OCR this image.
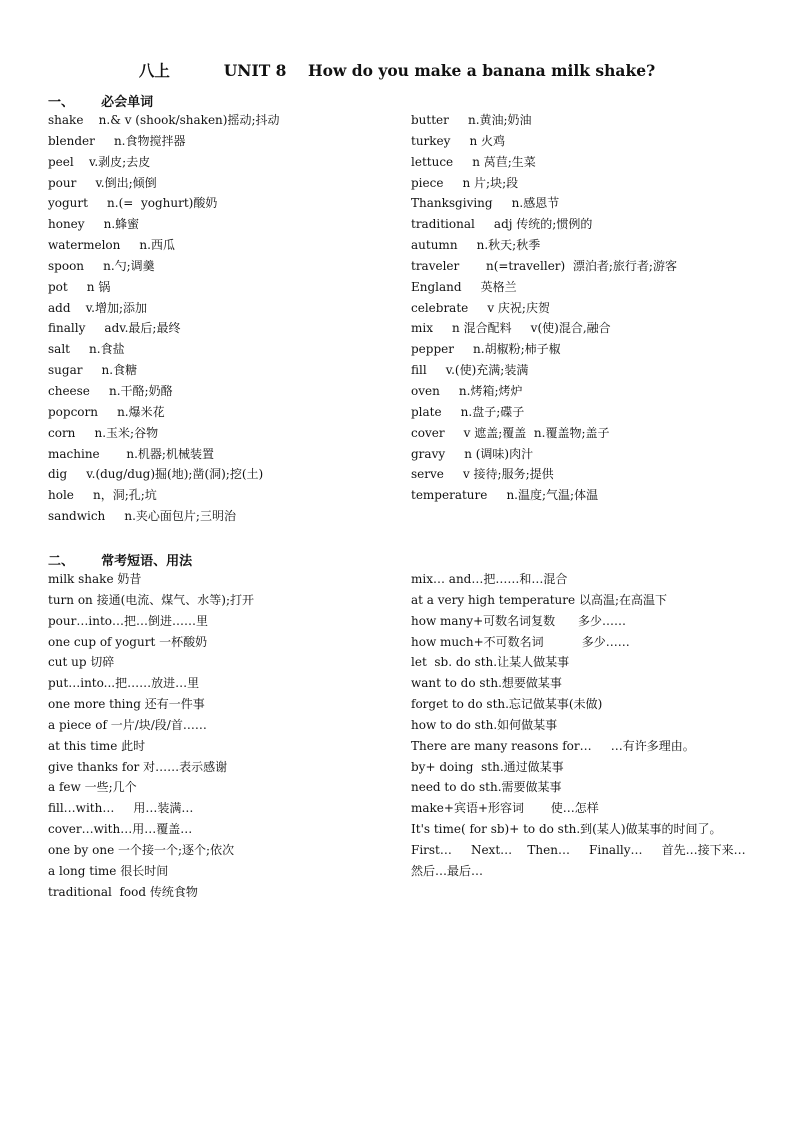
八上          UNIT 8    How do you make a banana milk shake?
一、      必会单词
shake    n.& v (shook/shaken)摇动;抖动
blender     n.食物搅拌器
peel    v.剥皮;去皮
pour     v.倒出;倾倒
yogurt     n.(=  yoghurt)酸奶
honey     n.蜂蜜
watermelon     n.西瓜
spoon     n.勺;调羹
pot     n 锅
add    v.增加;添加
finally     adv.最后;最终
salt     n.食盐
sugar     n.食糖
cheese     n.干酪;奶酪
popcorn     n.爆米花
corn     n.玉米;谷物
machine       n.机器;机械装置
dig     v.(dug/dug)掘(地);凿(洞);挖(土)
hole     n，洞;孔;坑
sandwich     n.夹心面包片;三明治
butter     n.黄油;奶油
turkey     n 火鸡
lettuce     n 莴苣;生菜
piece     n 片;块;段
Thanksgiving     n.感恩节
traditional     adj 传统的;惯例的
autumn     n.秋天;秋季
traveler       n(=traveller)  漂泊者;旅行者;游客
England     英格兰
celebrate     v 庆祝;庆贺
mix     n 混合配料     v(使)混合,融合
pepper     n.胡椒粉;柿子椒
fill     v.(使)充满;装满
oven     n.烤箱;烤炉
plate     n.盘子;碟子
cover     v 遮盖;覆盖  n.覆盖物;盖子
gravy     n (调味)肉汁
serve     v 接待;服务;提供
temperature     n.温度;气温;体温
二、      常考短语、用法
milk shake 奶昔
turn on 接通(电流、煤气、水等);打开
pour…into…把…倒进……里
one cup of yogurt 一杯酸奶
cut up 切碎
put…into...把……放进…里
one more thing 还有一件事
a piece of 一片/块/段/首……
at this time 此时
give thanks for 对……表示感谢
a few 一些;几个
fill…with…     用…装满…
cover…with…用…覆盖…
one by one 一个接一个;逐个;依次
a long time 很长时间
traditional  food 传统食物
mix… and…把……和…混合
at a very high temperature 以高温;在高温下
how many+可数名词复数      多少……
how much+不可数名词          多少……
let  sb. do sth.让某人做某事
want to do sth.想要做某事
forget to do sth.忘记做某事(未做)
how to do sth.如何做某事
There are many reasons for…     …有许多理由。
by+ doing  sth.通过做某事
need to do sth.需要做某事
make+宾语+形容词       使…怎样
It's time( for sb)+ to do sth.到(某人)做某事的时间了。
First…     Next…    Then…     Finally…     首先…接下来…
然后…最后…
